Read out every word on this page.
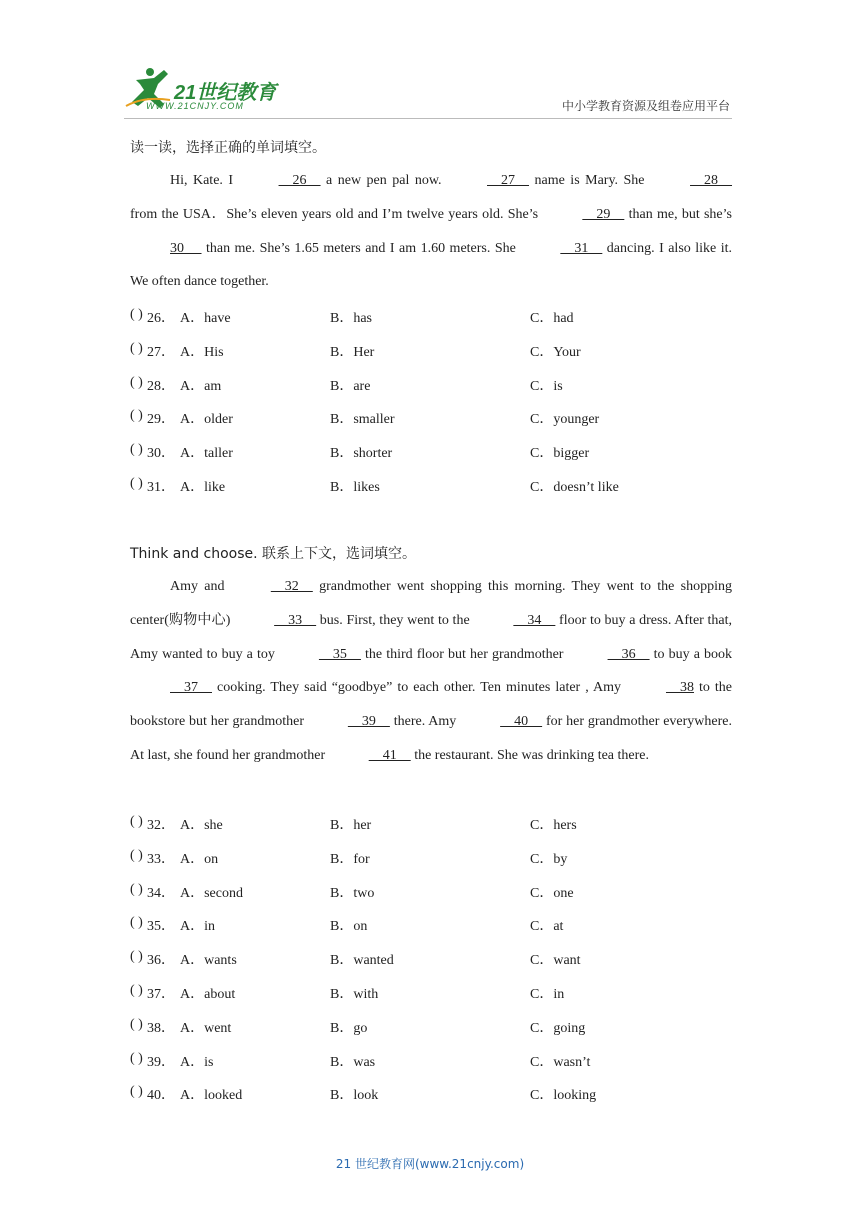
21世纪教育
WWW.21CNJY.COM	中小学教育资源及组卷应用平台
读一读，选择正确的单词填空。
Hi, Kate. I	26     a new pen pal now.	27     name is Mary. She	28     from the USA．She’s eleven years old and I’m twelve years old. She’s	29     than me, but she’s 30      than me. She’s 1.65 meters and I am 1.60 meters. She	31     dancing. I also like it. We often dance together.
( ) 26． A．have	B．has	C．had
( ) 27． A．His	B．Her	C．Your
( ) 28． A．am	B．are	C．is
( ) 29． A．older	B．smaller	C．younger
( ) 30． A．taller	B．shorter	C．bigger
( ) 31． A．like	B．likes	C．doesn’t like
Think and choose. 联系上下文，选词填空。
Amy and	32     grandmother went shopping this morning. They went to the shopping center(购物中心)	33     bus. First, they went to the	34     floor to buy a dress. After that, Amy wanted to buy a toy	35     the third floor but her grandmother	36     to buy a book     37     cooking. They said “goodbye” to each other. Ten minutes later , Amy	38 to the bookstore but her grandmother	39     there. Amy	40     for her grandmother everywhere. At last, she found her grandmother	41     the restaurant. She was drinking tea there.
( ) 32． A．she	B．her	C．hers
( ) 33． A．on	B．for	C．by
( ) 34． A．second	B．two	C．one
( ) 35． A．in	B．on	C．at
( ) 36． A．wants	B．wanted	C．want
( ) 37． A．about	B．with	C．in
( ) 38． A．went	B．go	C．going
( ) 39． A．is	B．was	C．wasn’t
( ) 40． A．looked	B．look	C．looking
21 世纪教育网(www.21cnjy.com)
